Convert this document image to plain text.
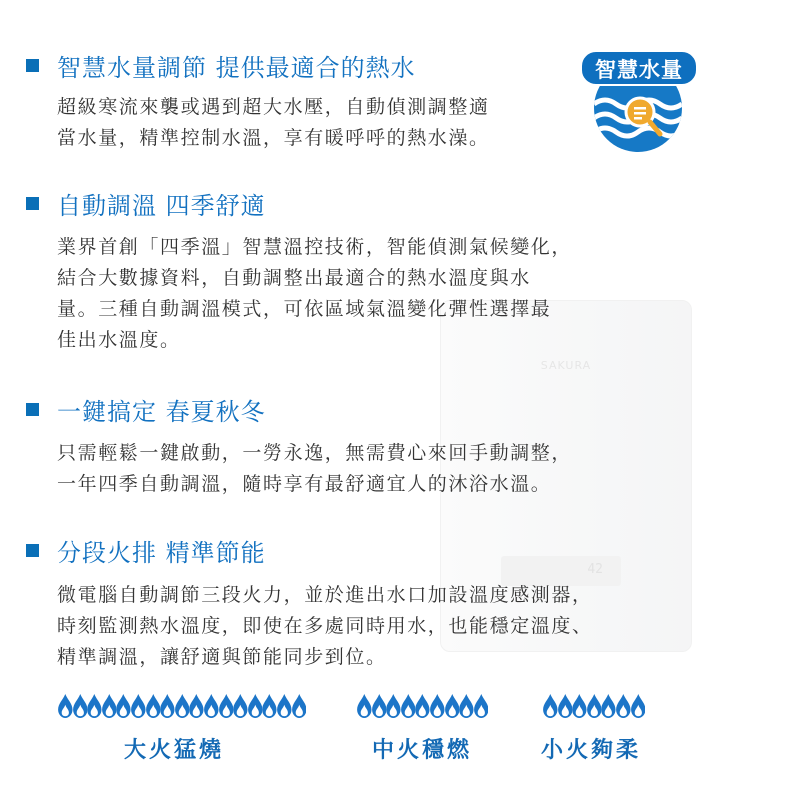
SAKURA
42
智慧水量
智慧水量調節 提供最適合的熱水
超級寒流來襲或遇到超大水壓，自動偵測調整適
當水量，精準控制水溫，享有暖呼呼的熱水澡。
自動調溫 四季舒適
業界首創「四季溫」智慧溫控技術，智能偵測氣候變化，
結合大數據資料，自動調整出最適合的熱水溫度與水
量。三種自動調溫模式，可依區域氣溫變化彈性選擇最
佳出水溫度。
一鍵搞定 春夏秋冬
只需輕鬆一鍵啟動，一勞永逸，無需費心來回手動調整，
一年四季自動調溫，隨時享有最舒適宜人的沐浴水溫。
分段火排 精準節能
微電腦自動調節三段火力，並於進出水口加設溫度感測器，
時刻監測熱水溫度，即使在多處同時用水，也能穩定溫度、
精準調溫，讓舒適與節能同步到位。
大火猛燒	中火穩燃	小火夠柔
